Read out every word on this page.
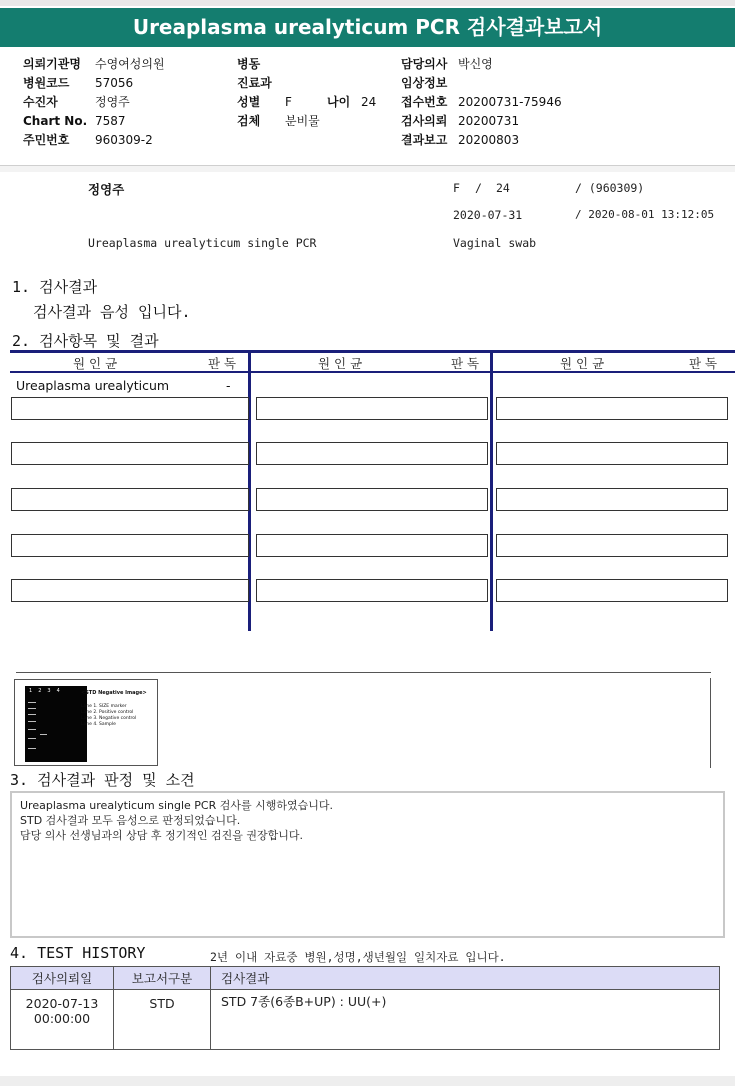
Ureaplasma urealyticum PCR 검사결과보고서
의뢰기관명 수영여성의원
병원코드 57056
수진자	정영주
Chart No. 7587
주민번호 960309-2
병동
진료과
성별 F	나이 24
검체 분비물
담당의사 박신영
임상정보
접수번호 20200731-75946
검사의뢰 20200731
결과보고 20200803
정영주	F / 24	/ (960309)
2020-07-31	/ 2020-08-01 13:12:05
Ureaplasma urealyticum single PCR	Vaginal swab
1. 검사결과
검사결과 음성 입니다.
2. 검사항목 및 결과
원 인 균	판 독	원 인 균	판 독	원 인 균	판 독
Ureaplasma urealyticum	-
1234	<STD Negative Image>
Lane 1. SIZE marker
Lane 2. Positive control
Lane 3. Negative control
Lane 4. Sample
3. 검사결과 판정 및 소견
Ureaplasma urealyticum single PCR 검사를 시행하였습니다.
STD 검사결과 모두 음성으로 판정되었습니다.
담당 의사 선생님과의 상담 후 정기적인 검진을 권장합니다.
4. TEST HISTORY	2년 이내 자료중 병원,성명,생년월일 일치자료 입니다.
검사의뢰일	보고서구분	검사결과

2020-07-13
00:00:00	STD	STD 7종(6종B+UP) : UU(+)
